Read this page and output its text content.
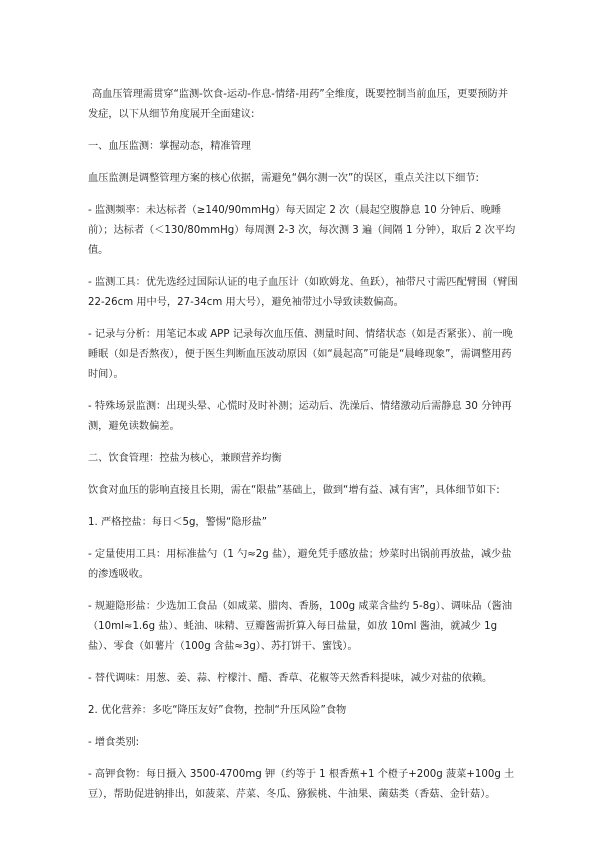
高血压管理需贯穿“监测-饮食-运动-作息-情绪-用药”全维度，既要控制当前血压，更要预防并发症，以下从细节角度展开全面建议:

一、血压监测：掌握动态，精准管理

血压监测是调整管理方案的核心依据，需避免“偶尔测一次”的误区，重点关注以下细节:

- 监测频率：未达标者（≥140/90mmHg）每天固定 2 次（晨起空腹静息 10 分钟后、晚睡前）；达标者（＜130/80mmHg）每周测 2-3 次，每次测 3 遍（间隔 1 分钟），取后 2 次平均值。

- 监测工具：优先选经过国际认证的电子血压计（如欧姆龙、鱼跃），袖带尺寸需匹配臂围（臂围 22-26cm 用中号，27-34cm 用大号），避免袖带过小导致读数偏高。

- 记录与分析：用笔记本或 APP 记录每次血压值、测量时间、情绪状态（如是否紧张）、前一晚睡眠（如是否熬夜），便于医生判断血压波动原因（如“晨起高”可能是“晨峰现象”，需调整用药时间）。

- 特殊场景监测：出现头晕、心慌时及时补测；运动后、洗澡后、情绪激动后需静息 30 分钟再测，避免读数偏差。

二、饮食管理：控盐为核心，兼顾营养均衡

饮食对血压的影响直接且长期，需在“限盐”基础上，做到“增有益、减有害”，具体细节如下:

1. 严格控盐：每日＜5g，警惕“隐形盐”

- 定量使用工具：用标准盐勺（1 勺≈2g 盐），避免凭手感放盐；炒菜时出锅前再放盐，减少盐的渗透吸收。

- 规避隐形盐：少选加工食品（如咸菜、腊肉、香肠，100g 咸菜含盐约 5-8g）、调味品（酱油（10ml≈1.6g 盐）、蚝油、味精、豆瓣酱需折算入每日盐量，如放 10ml 酱油，就减少 1g 盐）、零食（如薯片（100g 含盐≈3g）、苏打饼干、蜜饯）。

- 替代调味：用葱、姜、蒜、柠檬汁、醋、香草、花椒等天然香料提味，减少对盐的依赖。

2. 优化营养：多吃“降压友好”食物，控制“升压风险”食物

- 增食类别:

- 高钾食物：每日摄入 3500-4700mg 钾（约等于 1 根香蕉+1 个橙子+200g 菠菜+100g 土豆），帮助促进钠排出，如菠菜、芹菜、冬瓜、猕猴桃、牛油果、菌菇类（香菇、金针菇）。
